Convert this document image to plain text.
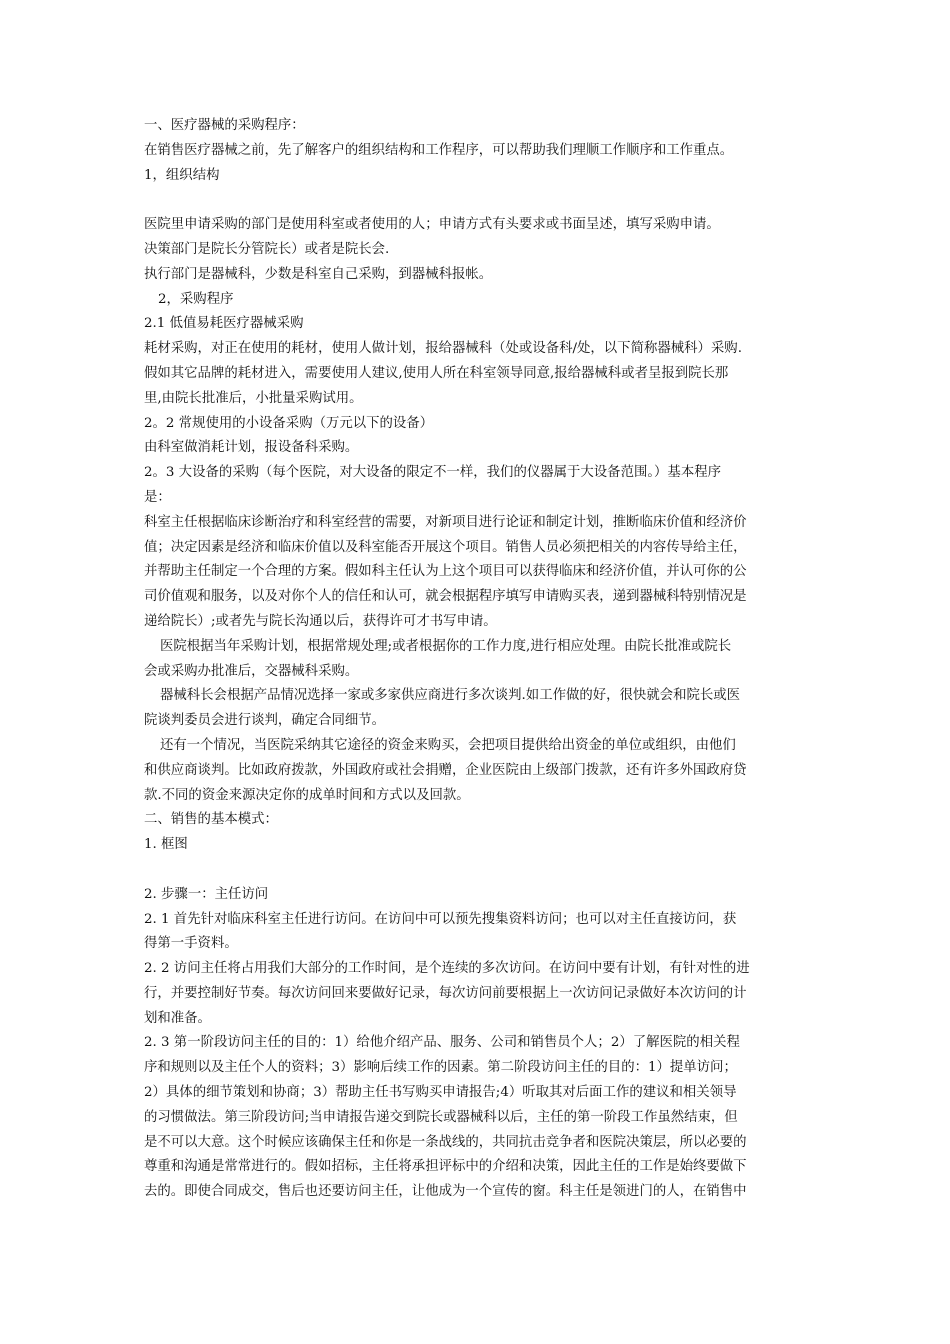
一、医疗器械的采购程序：
在销售医疗器械之前，先了解客户的组织结构和工作程序，可以帮助我们理顺工作顺序和工作重点。
1，组织结构
医院里申请采购的部门是使用科室或者使用的人；申请方式有头要求或书面呈述，填写采购申请。
决策部门是院长分管院长）或者是院长会.
执行部门是器械科，少数是科室自己采购，到器械科报帐。
2，采购程序
2.1 低值易耗医疗器械采购
耗材采购，对正在使用的耗材，使用人做计划，报给器械科（处或设备科/处，以下简称器械科）采购.
假如其它品牌的耗材进入，需要使用人建议,使用人所在科室领导同意,报给器械科或者呈报到院长那
里,由院长批准后，小批量采购试用。
2。2 常规使用的小设备采购（万元以下的设备）
由科室做消耗计划，报设备科采购。
2。3 大设备的采购（每个医院，对大设备的限定不一样，我们的仪器属于大设备范围。）基本程序
是：
科室主任根据临床诊断治疗和科室经营的需要，对新项目进行论证和制定计划，推断临床价值和经济价
值；决定因素是经济和临床价值以及科室能否开展这个项目。销售人员必须把相关的内容传导给主任，
并帮助主任制定一个合理的方案。假如科主任认为上这个项目可以获得临床和经济价值，并认可你的公
司价值观和服务，以及对你个人的信任和认可，就会根据程序填写申请购买表，递到器械科特别情况是
递给院长）;或者先与院长沟通以后，获得许可才书写申请。
医院根据当年采购计划，根据常规处理;或者根据你的工作力度,进行相应处理。由院长批准或院长
会或采购办批准后，交器械科采购。
器械科长会根据产品情况选择一家或多家供应商进行多次谈判.如工作做的好，很快就会和院长或医
院谈判委员会进行谈判，确定合同细节。
还有一个情况，当医院采纳其它途径的资金来购买，会把项目提供给出资金的单位或组织，由他们
和供应商谈判。比如政府拨款，外国政府或社会捐赠，企业医院由上级部门拨款，还有许多外国政府贷
款.不同的资金来源决定你的成单时间和方式以及回款。
二、销售的基本模式：
1. 框图
2. 步骤一：主任访问
2. 1 首先针对临床科室主任进行访问。在访问中可以预先搜集资料访问；也可以对主任直接访问，获
得第一手资料。
2. 2 访问主任将占用我们大部分的工作时间，是个连续的多次访问。在访问中要有计划，有针对性的进
行，并要控制好节奏。每次访问回来要做好记录，每次访问前要根据上一次访问记录做好本次访问的计
划和准备。
2. 3 第一阶段访问主任的目的：1）给他介绍产品、服务、公司和销售员个人；2）了解医院的相关程
序和规则以及主任个人的资料；3）影响后续工作的因素。第二阶段访问主任的目的：1）提单访问；
2）具体的细节策划和协商；3）帮助主任书写购买申请报告;4）听取其对后面工作的建议和相关领导
的习惯做法。第三阶段访问;当申请报告递交到院长或器械科以后，主任的第一阶段工作虽然结束，但
是不可以大意。这个时候应该确保主任和你是一条战线的，共同抗击竞争者和医院决策层，所以必要的
尊重和沟通是常常进行的。假如招标，主任将承担评标中的介绍和决策，因此主任的工作是始终要做下
去的。即使合同成交，售后也还要访问主任，让他成为一个宣传的窗。科主任是领进门的人，在销售中
